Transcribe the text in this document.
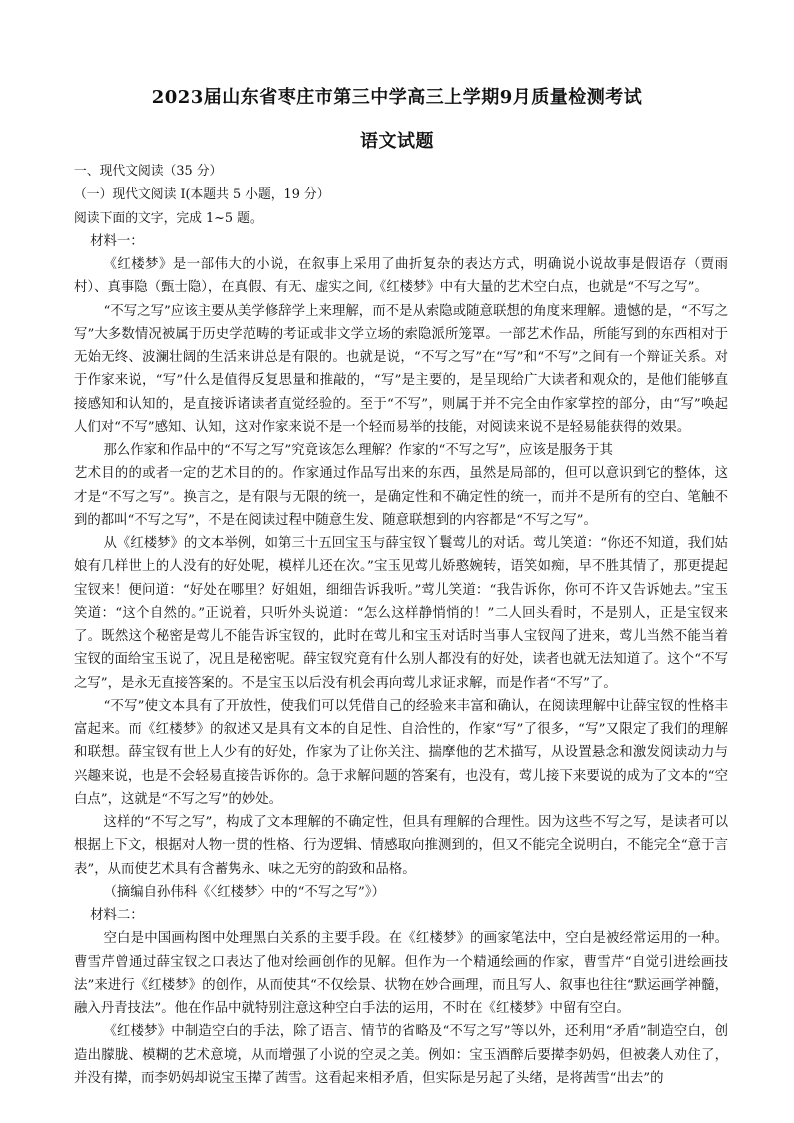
2023届山东省枣庄市第三中学高三上学期9月质量检测考试
语文试题

一、现代文阅读（35 分）

（一）现代文阅读 I(本题共 5 小题，19 分）

阅读下面的文字，完成 1~5 题。

材料一：

《红楼梦》是一部伟大的小说，在叙事上采用了曲折复杂的表达方式，明确说小说故事是假语存（贾雨村）、真事隐（甄士隐），在真假、有无、虚实之间,《红楼梦》中有大量的艺术空白点，也就是“不写之写”。

“不写之写”应该主要从美学修辞学上来理解，而不是从索隐或随意联想的角度来理解。遗憾的是，“不写之写”大多数情况被属于历史学范畴的考证或非文学立场的索隐派所笼罩。一部艺术作品，所能写到的东西相对于无始无终、波澜壮阔的生活来讲总是有限的。也就是说，“不写之写”在“写”和“不写”之间有一个辩证关系。对于作家来说，“写”什么是值得反复思量和推敲的，“写”是主要的，是呈现给广大读者和观众的，是他们能够直接感知和认知的，是直接诉诸读者直觉经验的。至于“不写”，则属于并不完全由作家掌控的部分，由“写”唤起人们对“不写”感知、认知，这对作家来说不是一个轻而易举的技能，对阅读来说不是轻易能获得的效果。

那么作家和作品中的“不写之写”究竟该怎么理解？作家的“不写之写”，应该是服务于其
艺术目的的或者一定的艺术目的的。作家通过作品写出来的东西，虽然是局部的，但可以意识到它的整体，这才是“不写之写”。换言之，是有限与无限的统一，是确定性和不确定性的统一，而并不是所有的空白、笔触不到的都叫“不写之写”，不是在阅读过程中随意生发、随意联想到的内容都是“不写之写”。

从《红楼梦》的文本举例，如第三十五回宝玉与薛宝钗丫鬟莺儿的对话。莺儿笑道：“你还不知道，我们姑娘有几样世上的人没有的好处呢，模样儿还在次。”宝玉见莺儿娇憨婉转，语笑如痴，早不胜其情了，那更提起宝钗来！便问道：“好处在哪里？好姐姐，细细告诉我听。”莺儿笑道：“我告诉你，你可不许又告诉她去。”宝玉笑道：“这个自然的。”正说着，只听外头说道：“怎么这样静悄悄的！”二人回头看时，不是别人，正是宝钗来了。既然这个秘密是莺儿不能告诉宝钗的，此时在莺儿和宝玉对话时当事人宝钗闯了进来，莺儿当然不能当着宝钗的面给宝玉说了，况且是秘密呢。薛宝钗究竟有什么别人都没有的好处，读者也就无法知道了。这个“不写之写”，是永无直接答案的。不是宝玉以后没有机会再向莺儿求证求解，而是作者“不写”了。

“不写”使文本具有了开放性，使我们可以凭借自己的经验来丰富和确认，在阅读理解中让薛宝钗的性格丰富起来。而《红楼梦》的叙述又是具有文本的自足性、自洽性的，作家“写”了很多，“写”又限定了我们的理解和联想。薛宝钗有世上人少有的好处，作家为了让你关注、揣摩他的艺术描写，从设置悬念和激发阅读动力与兴趣来说，也是不会轻易直接告诉你的。急于求解问题的答案有，也没有，莺儿接下来要说的成为了文本的“空白点”，这就是“不写之写”的妙处。

这样的“不写之写”，构成了文本理解的不确定性，但具有理解的合理性。因为这些不写之写，是读者可以根据上下文，根据对人物一贯的性格、行为逻辑、情感取向推测到的，但又不能完全说明白，不能完全“意于言表”，从而使艺术具有含蓄隽永、味之无穷的韵致和品格。

（摘编自孙伟科《〈红楼梦〉中的“不写之写”》）

材料二：

空白是中国画构图中处理黑白关系的主要手段。在《红楼梦》的画家笔法中，空白是被经常运用的一种。曹雪芹曾通过薛宝钗之口表达了他对绘画创作的见解。但作为一个精通绘画的作家，曹雪芹“自觉引进绘画技法”来进行《红楼梦》的创作，从而使其“不仅绘景、状物在妙合画理，而且写人、叙事也往往“默运画学神髓，融入丹青技法”。他在作品中就特别注意这种空白手法的运用，不时在《红楼梦》中留有空白。

《红楼梦》中制造空白的手法，除了语言、情节的省略及“不写之写”等以外，还利用“矛盾”制造空白，创造出朦胧、模糊的艺术意境，从而增强了小说的空灵之美。例如：宝玉酒醉后要撵李奶妈，但被袭人劝住了，并没有撵，而李奶妈却说宝玉撵了茜雪。这看起来相矛盾，但实际是另起了头绪，是将茜雪“出去”的
